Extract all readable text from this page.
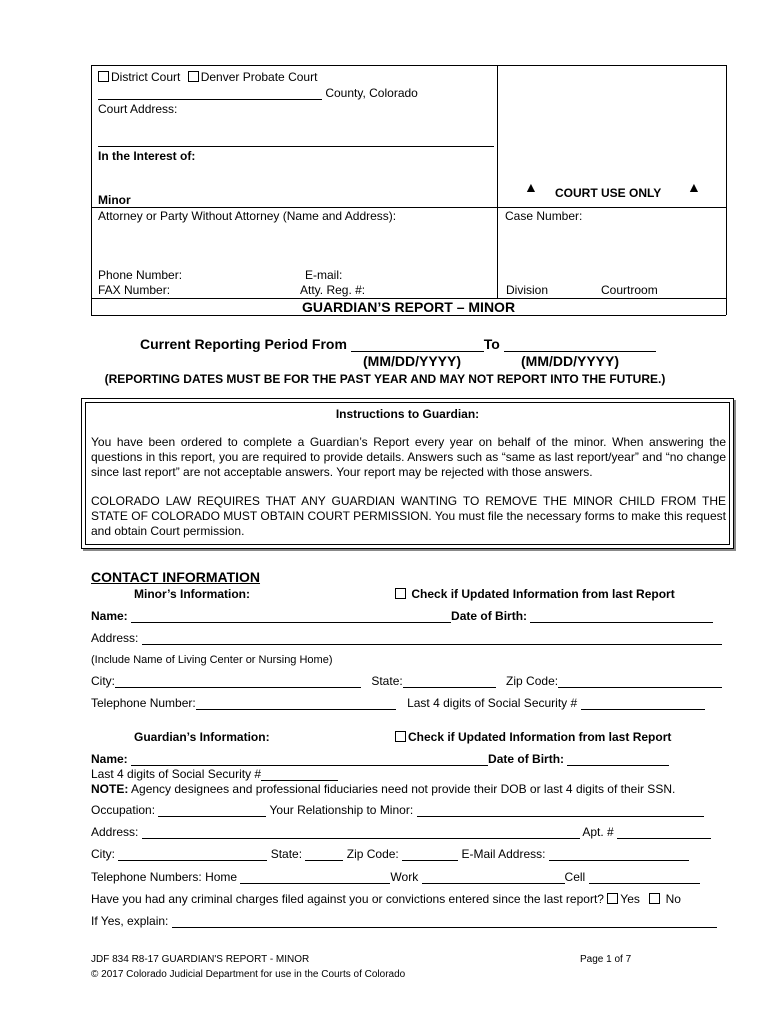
District Court Denver Probate Court
County, Colorado
Court Address:
In the Interest of:
Minor
Attorney or Party Without Attorney (Name and Address):
Phone Number:	E-mail:
FAX Number:	Atty. Reg. #:
▲ COURT USE ONLY ▲
Case Number:
Division	Courtroom
GUARDIAN’S REPORT – MINOR
Current Reporting Period From	To
(MM/DD/YYYY)	(MM/DD/YYYY)
(REPORTING DATES MUST BE FOR THE PAST YEAR AND MAY NOT REPORT INTO THE FUTURE.)
Instructions to Guardian:

You have been ordered to complete a Guardian’s Report every year on behalf of the minor. When answering the questions in this report, you are required to provide details. Answers such as “same as last report/year” and “no change since last report” are not acceptable answers. Your report may be rejected with those answers.

COLORADO LAW REQUIRES THAT ANY GUARDIAN WANTING TO REMOVE THE MINOR CHILD FROM THE STATE OF COLORADO MUST OBTAIN COURT PERMISSION. You must file the necessary forms to make this request and obtain Court permission.

CONTACT INFORMATION
Minor’s Information:	Check if Updated Information from last Report
Name:	Date of Birth:
Address:
(Include Name of Living Center or Nursing Home)
City:	State:	Zip Code:
Telephone Number:	Last 4 digits of Social Security #
Guardian’s Information:	Check if Updated Information from last Report
Name:	Date of Birth:
Last 4 digits of Social Security #
NOTE: Agency designees and professional fiduciaries need not provide their DOB or last 4 digits of their SSN.
Occupation:	Your Relationship to Minor:
Address:	Apt. #
City:	State:	Zip Code:	E-Mail Address:
Telephone Numbers: Home	Work	Cell
Have you had any criminal charges filed against you or convictions entered since the last report? Yes No
If Yes, explain:
JDF 834 R8-17 GUARDIAN'S REPORT - MINOR	Page 1 of 7
© 2017 Colorado Judicial Department for use in the Courts of Colorado
